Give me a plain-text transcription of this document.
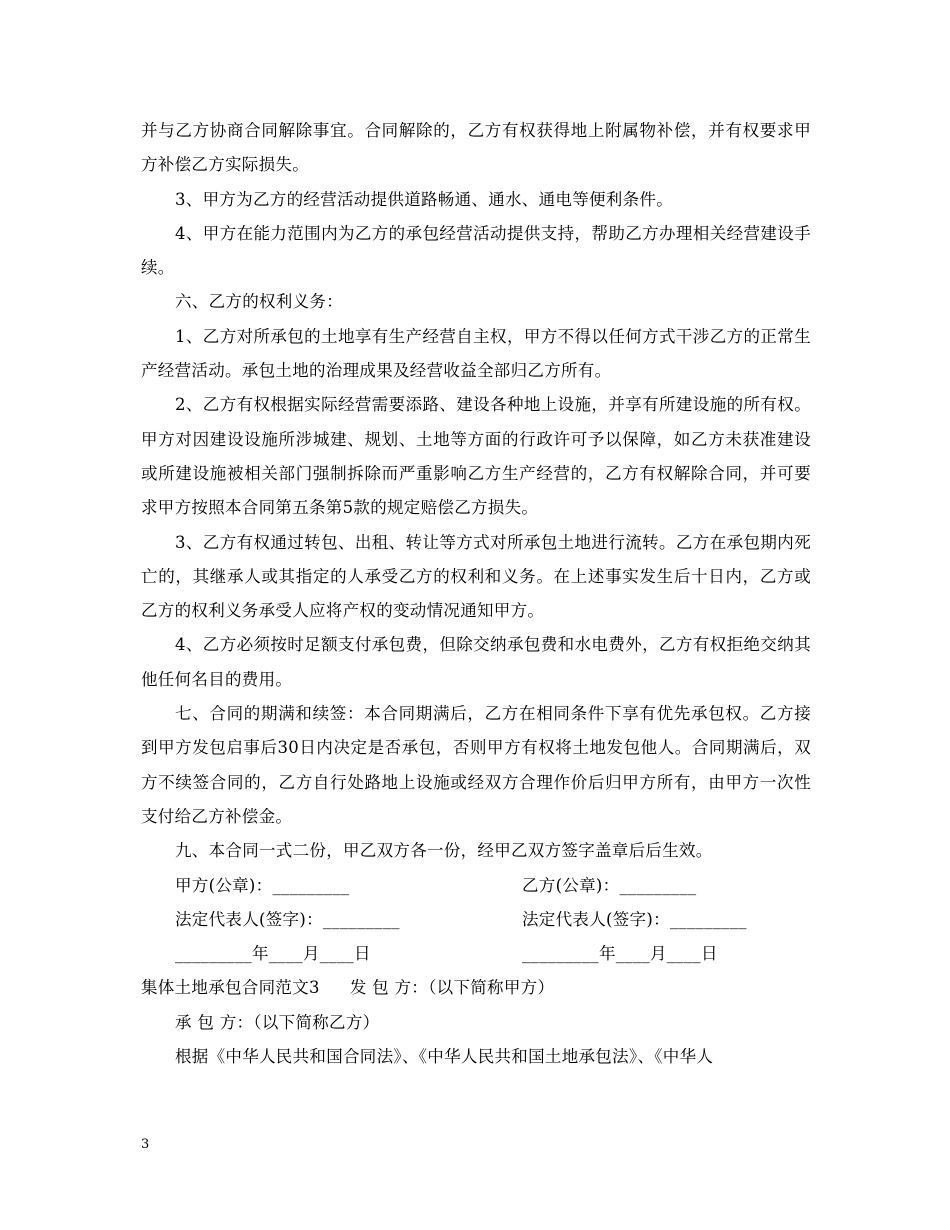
并与乙方协商合同解除事宜。合同解除的，乙方有权获得地上附属物补偿，并有权要求甲方补偿乙方实际损失。

3、甲方为乙方的经营活动提供道路畅通、通水、通电等便利条件。

4、甲方在能力范围内为乙方的承包经营活动提供支持，帮助乙方办理相关经营建设手续。

六、乙方的权利义务：

1、乙方对所承包的土地享有生产经营自主权，甲方不得以任何方式干涉乙方的正常生产经营活动。承包土地的治理成果及经营收益全部归乙方所有。

2、乙方有权根据实际经营需要添路、建设各种地上设施，并享有所建设施的所有权。甲方对因建设设施所涉城建、规划、土地等方面的行政许可予以保障，如乙方未获准建设或所建设施被相关部门强制拆除而严重影响乙方生产经营的，乙方有权解除合同，并可要求甲方按照本合同第五条第5款的规定赔偿乙方损失。

3、乙方有权通过转包、出租、转让等方式对所承包土地进行流转。乙方在承包期内死亡的，其继承人或其指定的人承受乙方的权利和义务。在上述事实发生后十日内，乙方或乙方的权利义务承受人应将产权的变动情况通知甲方。

4、乙方必须按时足额支付承包费，但除交纳承包费和水电费外，乙方有权拒绝交纳其他任何名目的费用。

七、合同的期满和续签：本合同期满后，乙方在相同条件下享有优先承包权。乙方接到甲方发包启事后30日内决定是否承包，否则甲方有权将土地发包他人。合同期满后，双方不续签合同的，乙方自行处路地上设施或经双方合理作价后归甲方所有，由甲方一次性支付给乙方补偿金。

九、本合同一式二份，甲乙双方各一份，经甲乙双方签字盖章后后生效。

甲方(公章)：_________	乙方(公章)：_________
法定代表人(签字)：_________	法定代表人(签字)：_________
_________年____月____日	_________年____月____日
集体土地承包合同范文3 发 包 方：（以下简称甲方）

承 包 方：（以下简称乙方）

根据《中华人民共和国合同法》、《中华人民共和国土地承包法》、《中华人

3
